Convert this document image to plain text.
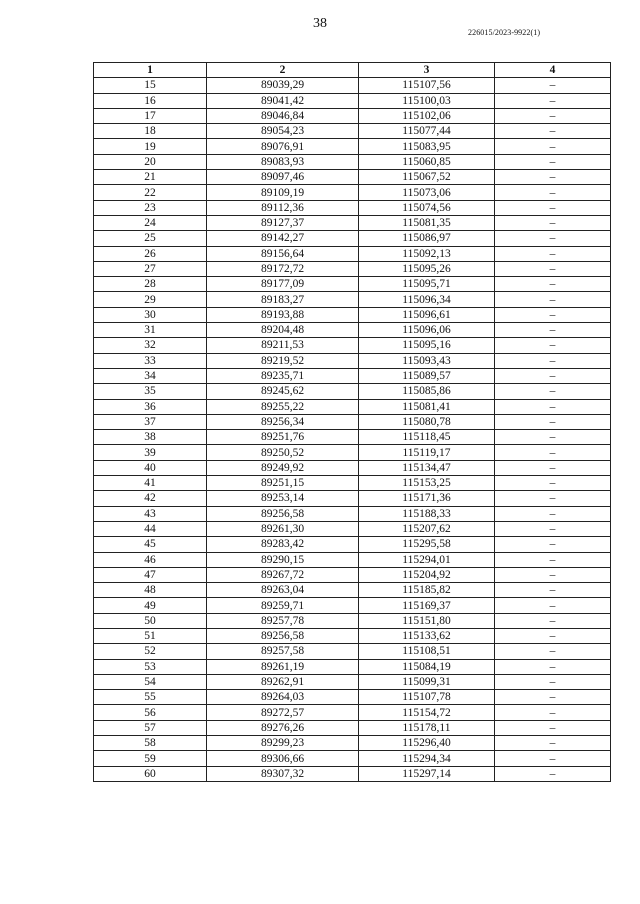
38
226015/2023-9922(1)
1	2	3	4
15	89039,29	115107,56	–
16	89041,42	115100,03	–
17	89046,84	115102,06	–
18	89054,23	115077,44	–
19	89076,91	115083,95	–
20	89083,93	115060,85	–
21	89097,46	115067,52	–
22	89109,19	115073,06	–
23	89112,36	115074,56	–
24	89127,37	115081,35	–
25	89142,27	115086,97	–
26	89156,64	115092,13	–
27	89172,72	115095,26	–
28	89177,09	115095,71	–
29	89183,27	115096,34	–
30	89193,88	115096,61	–
31	89204,48	115096,06	–
32	89211,53	115095,16	–
33	89219,52	115093,43	–
34	89235,71	115089,57	–
35	89245,62	115085,86	–
36	89255,22	115081,41	–
37	89256,34	115080,78	–
38	89251,76	115118,45	–
39	89250,52	115119,17	–
40	89249,92	115134,47	–
41	89251,15	115153,25	–
42	89253,14	115171,36	–
43	89256,58	115188,33	–
44	89261,30	115207,62	–
45	89283,42	115295,58	–
46	89290,15	115294,01	–
47	89267,72	115204,92	–
48	89263,04	115185,82	–
49	89259,71	115169,37	–
50	89257,78	115151,80	–
51	89256,58	115133,62	–
52	89257,58	115108,51	–
53	89261,19	115084,19	–
54	89262,91	115099,31	–
55	89264,03	115107,78	–
56	89272,57	115154,72	–
57	89276,26	115178,11	–
58	89299,23	115296,40	–
59	89306,66	115294,34	–
60	89307,32	115297,14	–
